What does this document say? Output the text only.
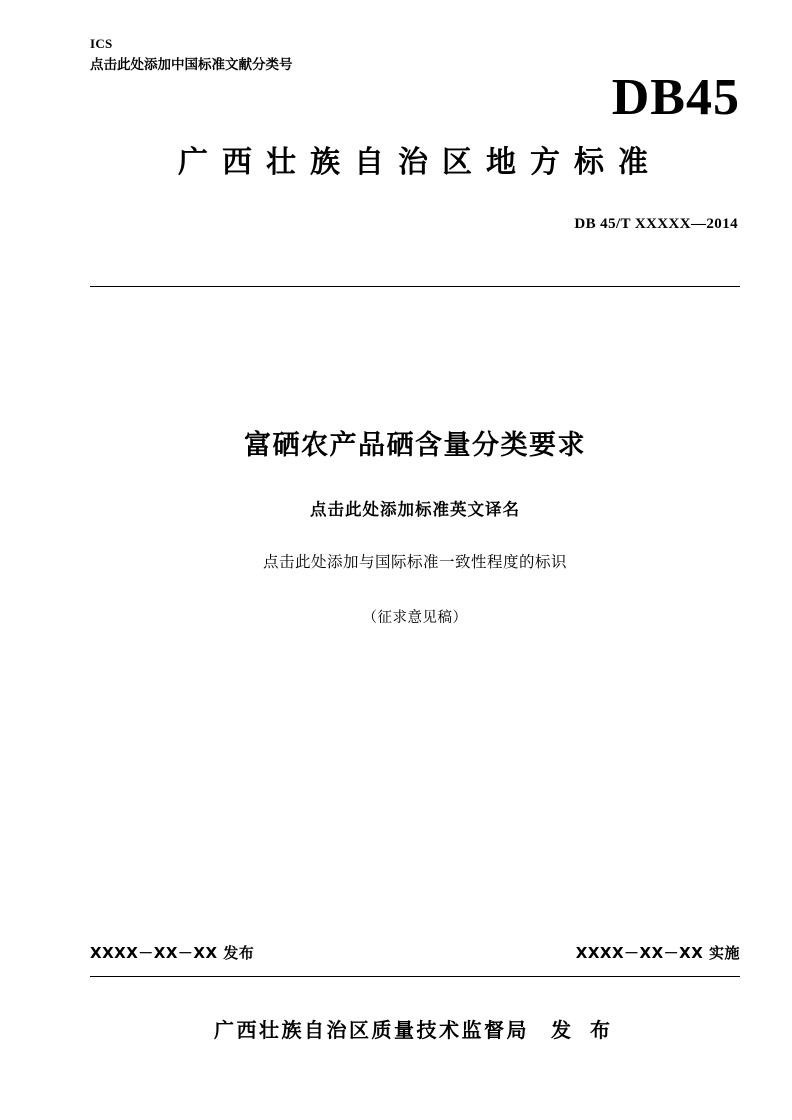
ICS
点击此处添加中国标准文献分类号
DB45
广西壮族自治区地方标准
DB 45/T XXXXX—2014
富硒农产品硒含量分类要求
点击此处添加标准英文译名
点击此处添加与国际标准一致性程度的标识
（征求意见稿）
XXXX－XX－XX 发布	XXXX－XX－XX 实施
广西壮族自治区质量技术监督局 发 布
